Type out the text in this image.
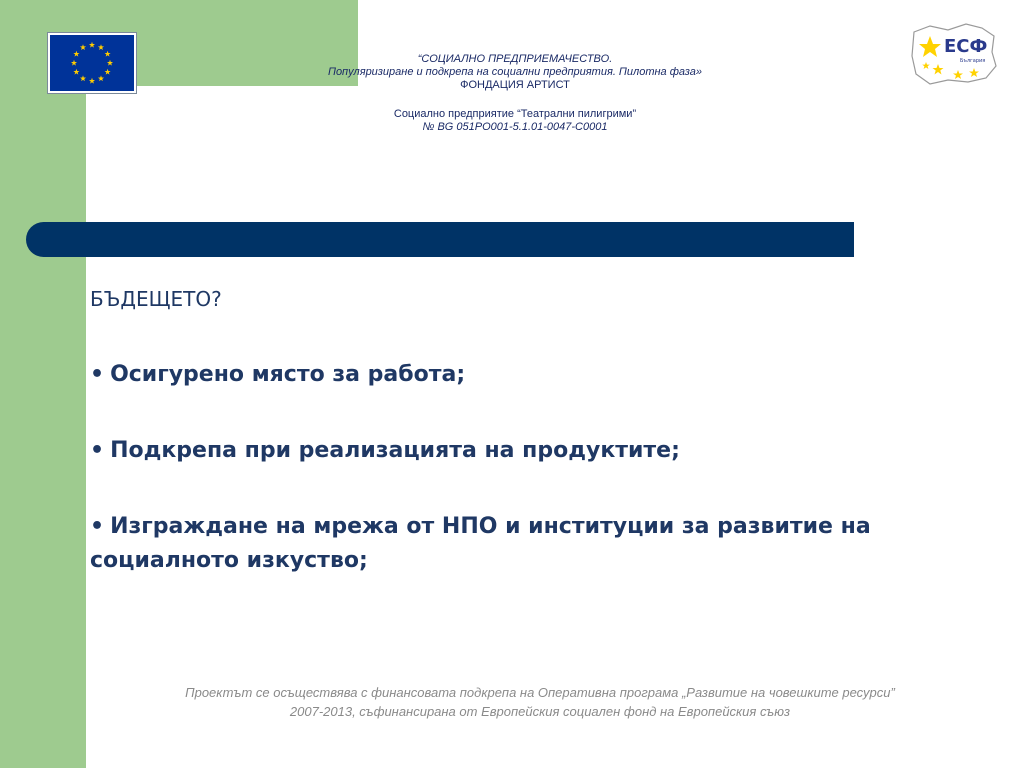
ЕСФ
България
“СОЦИАЛНО ПРЕДПРИЕМАЧЕСТВО.
Популяризиране и подкрепа на социални предприятия. Пилотна фаза»
ФОНДАЦИЯ АРТИСТ
Социално предприятие “Театрални пилигрими”
№ BG 051PO001-5.1.01-0047-C0001
БЪДЕЩЕТО?
• Осигурено място за работа;
• Подкрепа при реализацията на продуктите;
• Изграждане на мрежа от НПО и институции за развитие на социалното изкуство;
Проектът се осъществява с финансовата подкрепа на Оперативна програма „Развитие на човешките ресурси”
2007-2013, съфинансирана от Европейския социален фонд на Европейския съюз
